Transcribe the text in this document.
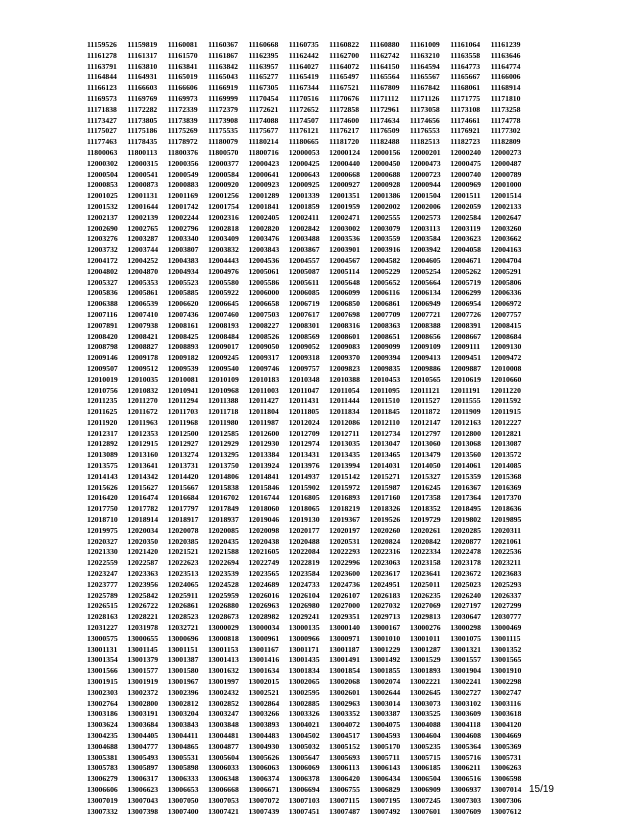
11159526	11159819	11160081	11160367	11160668	11160735	11160822	11160880	11161009	11161064	11161239
11161278	11161317	11161570	11161867	11162395	11162442	11162700	11162742	11163210	11163558	11163646
11163791	11163810	11163841	11163842	11163957	11164027	11164072	11164150	11164594	11164773	11164774
11164844	11164931	11165019	11165043	11165277	11165419	11165497	11165564	11165567	11165667	11166006
11166123	11166603	11166606	11166919	11167305	11167344	11167521	11167809	11167842	11168061	11168914
11169573	11169769	11169973	11169999	11170454	11170516	11170676	11171112	11171126	11171775	11171810
11171838	11172282	11172339	11172379	11172621	11172652	11172858	11172961	11173058	11173108	11173258
11173427	11173805	11173839	11173908	11174088	11174507	11174600	11174634	11174656	11174661	11174778
11175027	11175186	11175269	11175535	11175677	11176121	11176217	11176509	11176553	11176921	11177302
11177463	11178435	11178972	11180079	11180214	11180665	11181720	11182488	11182513	11182723	11182809
11800063	11800113	11800376	11800570	11800716	12000053	12000124	12000156	12000201	12000240	12000273
12000302	12000315	12000356	12000377	12000423	12000425	12000440	12000450	12000473	12000475	12000487
12000504	12000541	12000549	12000584	12000641	12000643	12000668	12000688	12000723	12000740	12000789
12000853	12000873	12000883	12000920	12000923	12000925	12000927	12000928	12000944	12000969	12001000
12001025	12001131	12001169	12001256	12001289	12001339	12001351	12001386	12001504	12001511	12001514
12001532	12001644	12001742	12001754	12001841	12001859	12001959	12002002	12002006	12002059	12002133
12002137	12002139	12002244	12002316	12002405	12002411	12002471	12002555	12002573	12002584	12002647
12002690	12002765	12002796	12002818	12002820	12002842	12003002	12003079	12003113	12003119	12003260
12003276	12003287	12003340	12003409	12003476	12003488	12003536	12003559	12003584	12003623	12003662
12003732	12003744	12003807	12003832	12003843	12003867	12003901	12003916	12003942	12004058	12004163
12004172	12004252	12004383	12004443	12004536	12004557	12004567	12004582	12004605	12004671	12004704
12004802	12004870	12004934	12004976	12005061	12005087	12005114	12005229	12005254	12005262	12005291
12005327	12005353	12005523	12005580	12005586	12005611	12005648	12005652	12005664	12005719	12005806
12005836	12005861	12005885	12005922	12006000	12006085	12006099	12006116	12006134	12006299	12006336
12006388	12006539	12006620	12006645	12006658	12006719	12006850	12006861	12006949	12006954	12006972
12007116	12007410	12007436	12007460	12007503	12007617	12007698	12007709	12007721	12007726	12007757
12007891	12007938	12008161	12008193	12008227	12008301	12008316	12008363	12008388	12008391	12008415
12008420	12008421	12008425	12008484	12008526	12008569	12008601	12008651	12008656	12008667	12008684
12008798	12008827	12008893	12009017	12009050	12009052	12009083	12009099	12009109	12009111	12009130
12009146	12009178	12009182	12009245	12009317	12009318	12009370	12009394	12009413	12009451	12009472
12009507	12009512	12009539	12009540	12009746	12009757	12009823	12009835	12009886	12009887	12010008
12010019	12010035	12010081	12010109	12010183	12010348	12010388	12010453	12010565	12010619	12010660
12010756	12010832	12010941	12010968	12011003	12011047	12011054	12011095	12011121	12011191	12011220
12011235	12011270	12011294	12011388	12011427	12011431	12011444	12011510	12011527	12011555	12011592
12011625	12011672	12011703	12011718	12011804	12011805	12011834	12011845	12011872	12011909	12011915
12011920	12011963	12011968	12011980	12011987	12012024	12012086	12012110	12012147	12012163	12012227
12012317	12012353	12012500	12012585	12012600	12012709	12012711	12012734	12012797	12012800	12012821
12012892	12012915	12012927	12012929	12012930	12012974	12013035	12013047	12013060	12013068	12013087
12013089	12013160	12013274	12013295	12013384	12013431	12013435	12013465	12013479	12013560	12013572
12013575	12013641	12013731	12013750	12013924	12013976	12013994	12014031	12014050	12014061	12014085
12014143	12014342	12014420	12014806	12014841	12014937	12015142	12015271	12015327	12015359	12015368
12015626	12015627	12015667	12015838	12015846	12015902	12015972	12015987	12016245	12016367	12016369
12016420	12016474	12016684	12016702	12016744	12016805	12016893	12017160	12017358	12017364	12017370
12017750	12017782	12017797	12017849	12018060	12018065	12018219	12018326	12018352	12018495	12018636
12018710	12018914	12018917	12018937	12019046	12019130	12019367	12019526	12019729	12019802	12019895
12019975	12020034	12020078	12020085	12020098	12020177	12020197	12020260	12020261	12020285	12020311
12020327	12020350	12020385	12020435	12020438	12020488	12020531	12020824	12020842	12020877	12021061
12021330	12021420	12021521	12021588	12021605	12022084	12022293	12022316	12022334	12022478	12022536
12022559	12022587	12022623	12022694	12022749	12022819	12022996	12023063	12023158	12023178	12023211
12023247	12023363	12023513	12023539	12023565	12023584	12023600	12023617	12023641	12023672	12023683
12023777	12023956	12024065	12024528	12024689	12024733	12024736	12024951	12025011	12025023	12025293
12025789	12025842	12025911	12025959	12026016	12026104	12026107	12026183	12026235	12026240	12026337
12026515	12026722	12026861	12026880	12026963	12026980	12027000	12027032	12027069	12027197	12027299
12028163	12028221	12028523	12028673	12028982	12029241	12029351	12029713	12029813	12030647	12030777
12031227	12031978	12032721	13000029	13000034	13000135	13000140	13000167	13000276	13000298	13000469
13000575	13000655	13000696	13000818	13000961	13000966	13000971	13001010	13001011	13001075	13001115
13001131	13001145	13001151	13001153	13001167	13001171	13001187	13001229	13001287	13001321	13001352
13001354	13001379	13001387	13001413	13001416	13001435	13001491	13001492	13001529	13001557	13001565
13001566	13001577	13001580	13001632	13001634	13001834	13001854	13001855	13001893	13001904	13001910
13001915	13001919	13001967	13001997	13002015	13002065	13002068	13002074	13002221	13002241	13002298
13002303	13002372	13002396	13002432	13002521	13002595	13002601	13002644	13002645	13002727	13002747
13002764	13002800	13002812	13002852	13002864	13002885	13002963	13003014	13003073	13003102	13003116
13003186	13003191	13003204	13003247	13003266	13003326	13003352	13003387	13003525	13003609	13003618
13003624	13003684	13003843	13003848	13003893	13004021	13004072	13004075	13004088	13004118	13004120
13004235	13004405	13004411	13004481	13004483	13004502	13004517	13004593	13004604	13004608	13004669
13004688	13004777	13004865	13004877	13004930	13005032	13005152	13005170	13005235	13005364	13005369
13005381	13005493	13005531	13005604	13005626	13005647	13005693	13005711	13005715	13005716	13005731
13005783	13005897	13005898	13006033	13006063	13006069	13006113	13006143	13006185	13006211	13006263
13006279	13006317	13006333	13006348	13006374	13006378	13006420	13006434	13006504	13006516	13006598
13006606	13006623	13006653	13006668	13006671	13006694	13006755	13006829	13006909	13006937	13007014
13007019	13007043	13007050	13007053	13007072	13007103	13007115	13007195	13007245	13007303	13007306
13007332	13007398	13007400	13007421	13007439	13007451	13007487	13007492	13007601	13007609	13007612
15/19
